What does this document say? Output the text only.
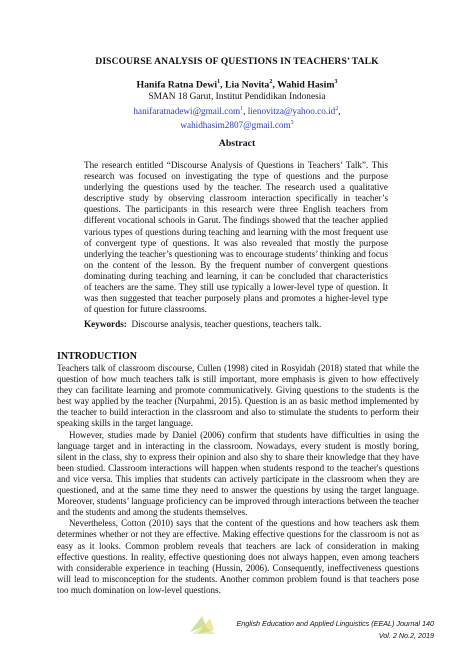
DISCOURSE ANALYSIS OF QUESTIONS IN TEACHERS’ TALK
Hanifa Ratna Dewi$^1$, Lia Novita$^2$, Wahid Hasim$^3$
SMAN 18 Garut, Institut Pendidikan Indonesia
hanifaratnadewi@gmail.com$^1$, $lienovitza@yahoo.co.id^2$,
wahidhasim2807@gmail.com$^3$
Abstract

The research entitled “Discourse Analysis of Questions in Teachers’ Talk”. This research was focused on investigating the type of questions and the purpose underlying the questions used by the teacher. The research used a qualitative descriptive study by observing classroom interaction specifically in teacher’s questions. The participants in this research were three English teachers from different vocational schools in Garut. The findings showed that the teacher applied various types of questions during teaching and learning with the most frequent use of convergent type of questions. It was also revealed that mostly the purpose underlying the teacher’s questioning was to encourage students’ thinking and focus on the content of the lesson. By the frequent number of convergent questions dominating during teaching and learning, it can be concluded that characteristics of teachers are the same. They still use typically a lower-level type of question. It was then suggested that teacher purposely plans and promotes a higher-level type of question for future classrooms.

Keywords: Discourse analysis, teacher questions, teachers talk.
INTRODUCTION

Teachers talk of classroom discourse, Cullen (1998) cited in Rosyidah (2018) stated that while the question of how much teachers talk is still important, more emphasis is given to how effectively they can facilitate learning and promote communicatively. Giving questions to the students is the best way applied by the teacher (Nurpahmi, 2015). Question is an as basic method implemented by the teacher to build interaction in the classroom and also to stimulate the students to perform their speaking skills in the target language.

However, studies made by Daniel (2006) confirm that students have difficulties in using the language target and in interacting in the classroom. Nowadays, every student is mostly boring, silent in the class, shy to express their opinion and also shy to share their knowledge that they have been studied. Classroom interactions will happen when students respond to the teacher's questions and vice versa. This implies that students can actively participate in the classroom when they are questioned, and at the same time they need to answer the questions by using the target language. Moreover, students’ language proficiency can be improved through interactions between the teacher and the students and among the students themselves.

Nevertheless, Cotton (2010) says that the content of the questions and how teachers ask them determines whether or not they are effective. Making effective questions for the classroom is not as easy as it looks. Common problem reveals that teachers are lack of consideration in making effective questions. In reality, effective questioning does not always happen, even among teachers with considerable experience in teaching (Hussin, 2006). Consequently, ineffectiveness questions will lead to misconception for the students. Another common problem found is that teachers pose too much domination on low-level questions.

English Education and Applied Linguistics (EEAL) Journal 140
Vol. 2 No.2, 2019
